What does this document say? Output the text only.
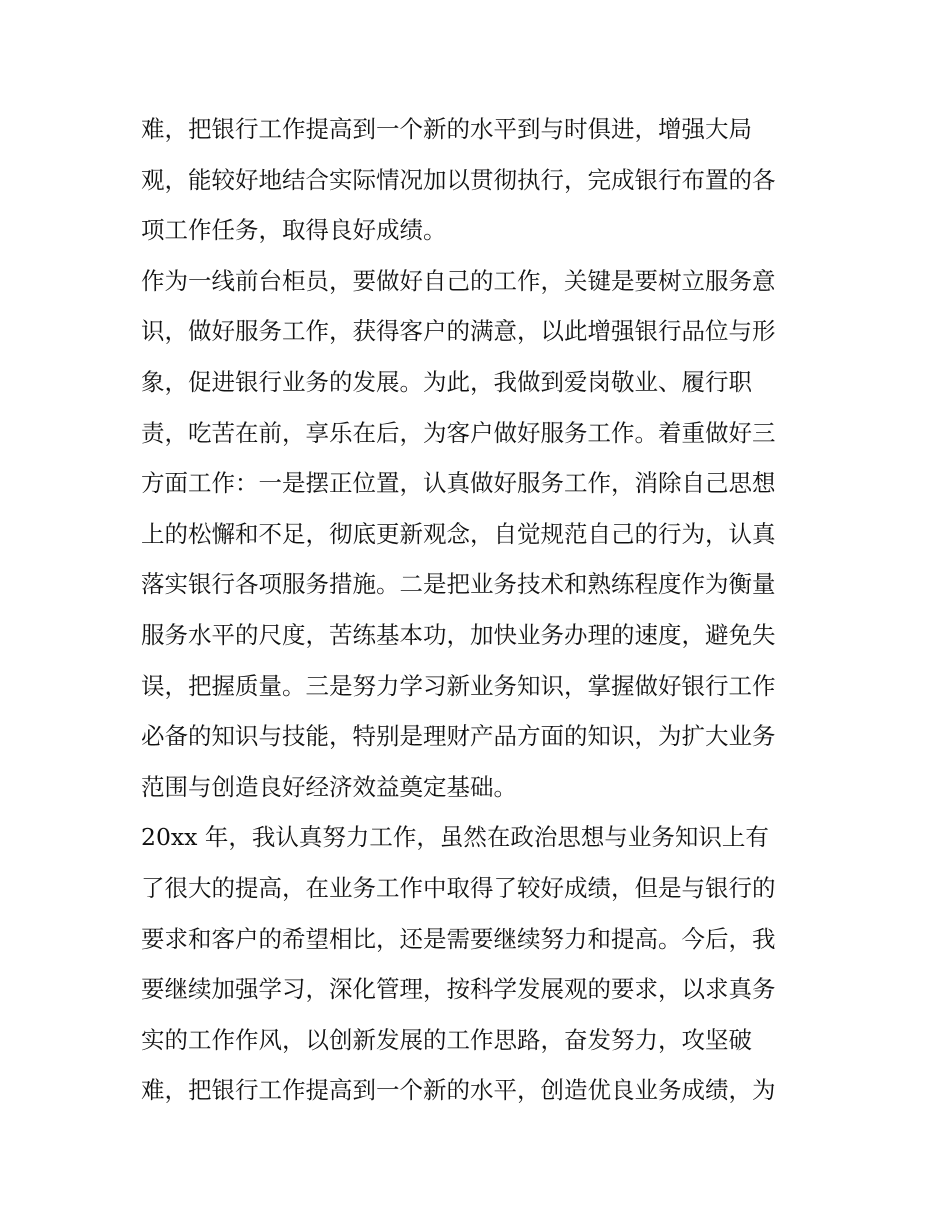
难，把银行工作提高到一个新的水平到与时俱进，增强大局

观，能较好地结合实际情况加以贯彻执行，完成银行布置的各

项工作任务，取得良好成绩。

作为一线前台柜员，要做好自己的工作，关键是要树立服务意

识，做好服务工作，获得客户的满意，以此增强银行品位与形

象，促进银行业务的发展。为此，我做到爱岗敬业、履行职

责，吃苦在前，享乐在后，为客户做好服务工作。着重做好三

方面工作：一是摆正位置，认真做好服务工作，消除自己思想

上的松懈和不足，彻底更新观念，自觉规范自己的行为，认真

落实银行各项服务措施。二是把业务技术和熟练程度作为衡量

服务水平的尺度，苦练基本功，加快业务办理的速度，避免失

误，把握质量。三是努力学习新业务知识，掌握做好银行工作

必备的知识与技能，特别是理财产品方面的知识，为扩大业务

范围与创造良好经济效益奠定基础。

20xx 年，我认真努力工作，虽然在政治思想与业务知识上有

了很大的提高，在业务工作中取得了较好成绩，但是与银行的

要求和客户的希望相比，还是需要继续努力和提高。今后，我

要继续加强学习，深化管理，按科学发展观的要求，以求真务

实的工作作风，以创新发展的工作思路，奋发努力，攻坚破

难，把银行工作提高到一个新的水平，创造优良业务成绩，为
